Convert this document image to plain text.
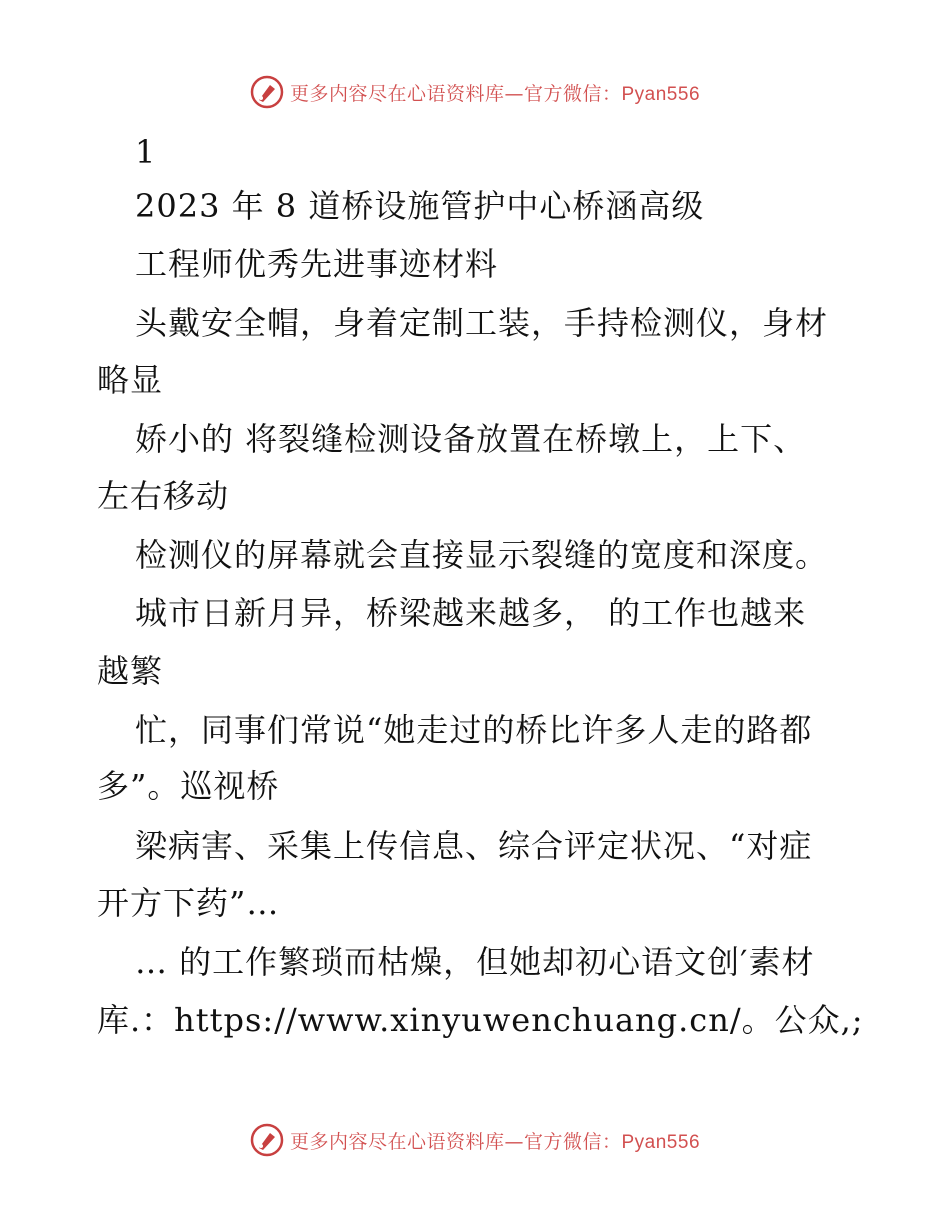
更多内容尽在心语资料库—官方微信：Pyan556
1
2023 年 8 道桥设施管护中心桥涵高级
工程师优秀先进事迹材料
头戴安全帽，身着定制工装，手持检测仪，身材
略显
娇小的 将裂缝检测设备放置在桥墩上，上下、
左右移动
检测仪的屏幕就会直接显示裂缝的宽度和深度。
城市日新月异，桥梁越来越多， 的工作也越来
越繁
忙，同事们常说“她走过的桥比许多人走的路都
多”。巡视桥
梁病害、采集上传信息、综合评定状况、“对症
开方下药”…
… 的工作繁琐而枯燥，但她却初心语文创′素材
库.：https://www.xinyuwenchuang.cn/。公众,;
更多内容尽在心语资料库—官方微信：Pyan556
